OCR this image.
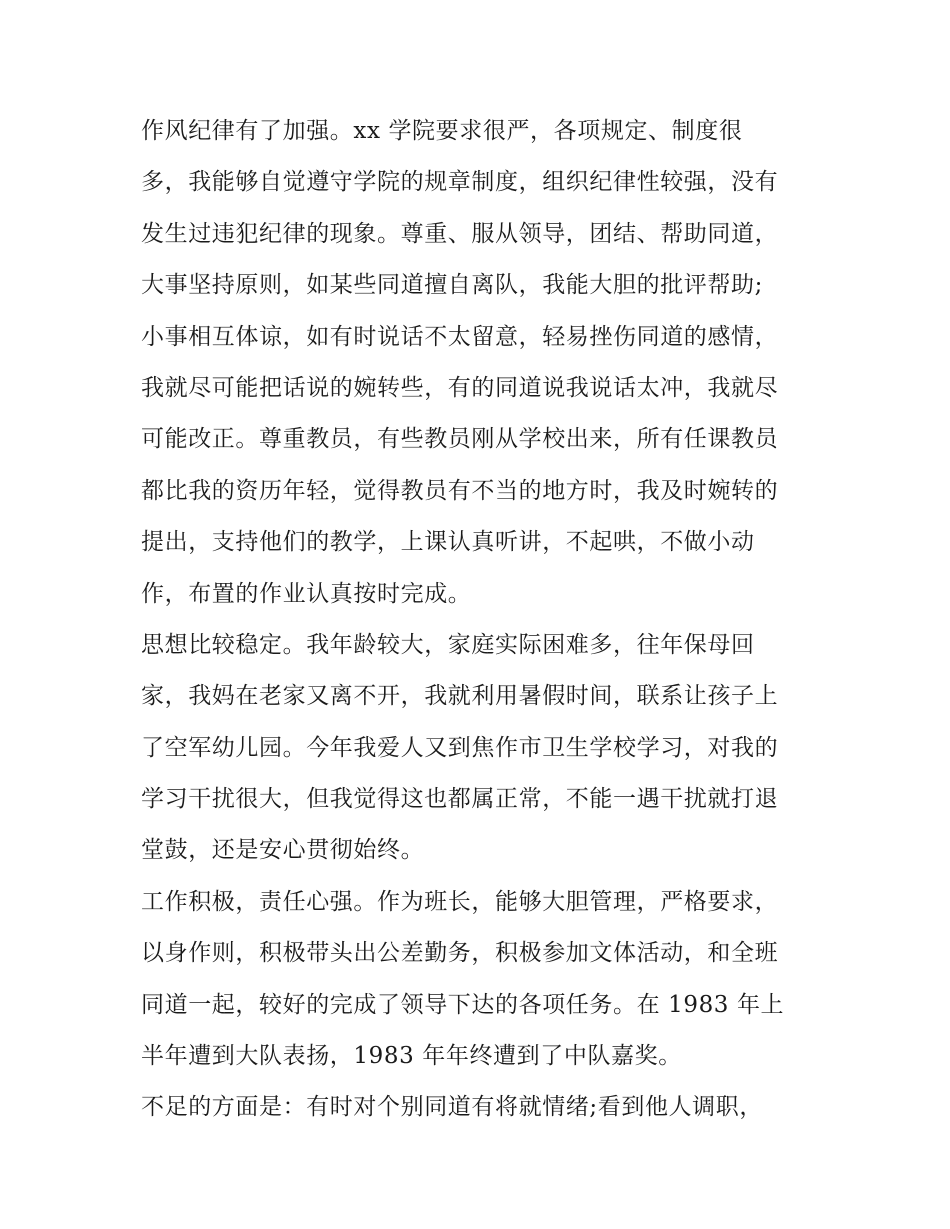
作风纪律有了加强。xx 学院要求很严，各项规定、制度很
多，我能够自觉遵守学院的规章制度，组织纪律性较强，没有
发生过违犯纪律的现象。尊重、服从领导，团结、帮助同道，
大事坚持原则，如某些同道擅自离队，我能大胆的批评帮助;
小事相互体谅，如有时说话不太留意，轻易挫伤同道的感情，
我就尽可能把话说的婉转些，有的同道说我说话太冲，我就尽
可能改正。尊重教员，有些教员刚从学校出来，所有任课教员
都比我的资历年轻，觉得教员有不当的地方时，我及时婉转的
提出，支持他们的教学，上课认真听讲，不起哄，不做小动
作，布置的作业认真按时完成。
思想比较稳定。我年龄较大，家庭实际困难多，往年保母回
家，我妈在老家又离不开，我就利用暑假时间，联系让孩子上
了空军幼儿园。今年我爱人又到焦作市卫生学校学习，对我的
学习干扰很大，但我觉得这也都属正常，不能一遇干扰就打退
堂鼓，还是安心贯彻始终。
工作积极，责任心强。作为班长，能够大胆管理，严格要求，
以身作则，积极带头出公差勤务，积极参加文体活动，和全班
同道一起，较好的完成了领导下达的各项任务。在 1983 年上
半年遭到大队表扬，1983 年年终遭到了中队嘉奖。
不足的方面是：有时对个别同道有将就情绪;看到他人调职，
